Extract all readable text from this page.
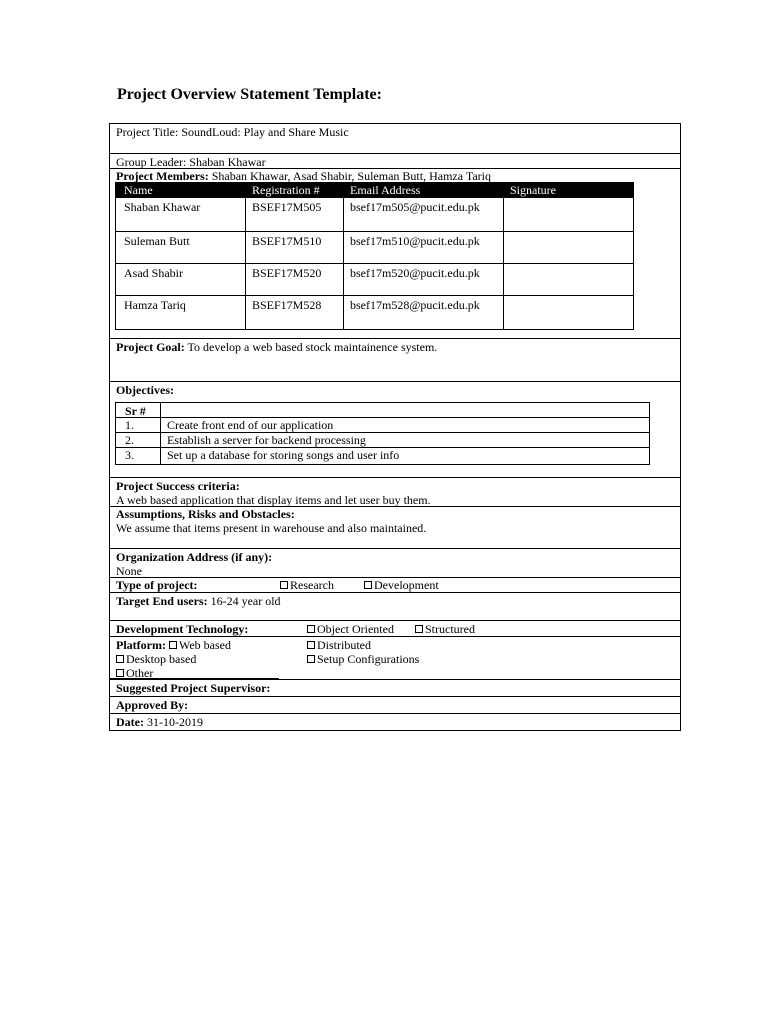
Project Overview Statement Template:
Project Title: SoundLoud: Play and Share Music
Group Leader: Shaban Khawar
Project Members: Shaban Khawar, Asad Shabir, Suleman Butt, Hamza Tariq
Name	Registration #	Email Address	Signature
Shaban Khawar	BSEF17M505 bsef17m505@pucit.edu.pk
Suleman Butt	BSEF17M510 bsef17m510@pucit.edu.pk
Asad Shabir	BSEF17M520 bsef17m520@pucit.edu.pk
Hamza Tariq	BSEF17M528 bsef17m528@pucit.edu.pk
Project Goal: To develop a web based stock maintainence system.
Objectives:
Sr #
1.	Create front end of our application
2.	Establish a server for backend processing
3.	Set up a database for storing songs and user info
Project Success criteria:
A web based application that display items and let user buy them.
Assumptions, Risks and Obstacles:
We assume that items present in warehouse and also maintained.
Organization Address (if any):
None
Type of project:	Research	Development
Target End users: 16-24 year old
Development Technology:	Object Oriented	Structured
Platform: Web based	Distributed
Desktop based	Setup Configurations
Other
Suggested Project Supervisor:
Approved By:
Date: 31-10-2019
